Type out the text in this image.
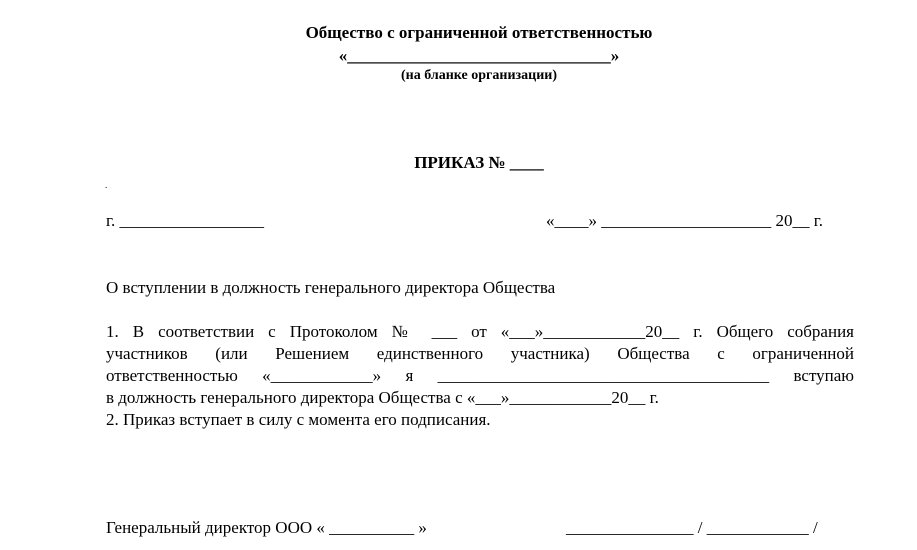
Общество с ограниченной ответственностью
«_______________________________»
(на бланке организации)
ПРИКАЗ № ____
.
г. _________________	«____» ____________________ 20__ г.
О вступлении в должность генерального директора Общества
1. В соответствии с Протоколом № ___ от «___»____________20__ г. Общего собрания
участников (или Решением единственного участника) Общества с ограниченной
ответственностью «____________» я _______________________________________ вступаю
в должность генерального директора Общества с «___»____________20__ г.
2. Приказ вступает в силу с момента его подписания.
Генеральный директор ООО « __________ »	_______________ / ____________ /
